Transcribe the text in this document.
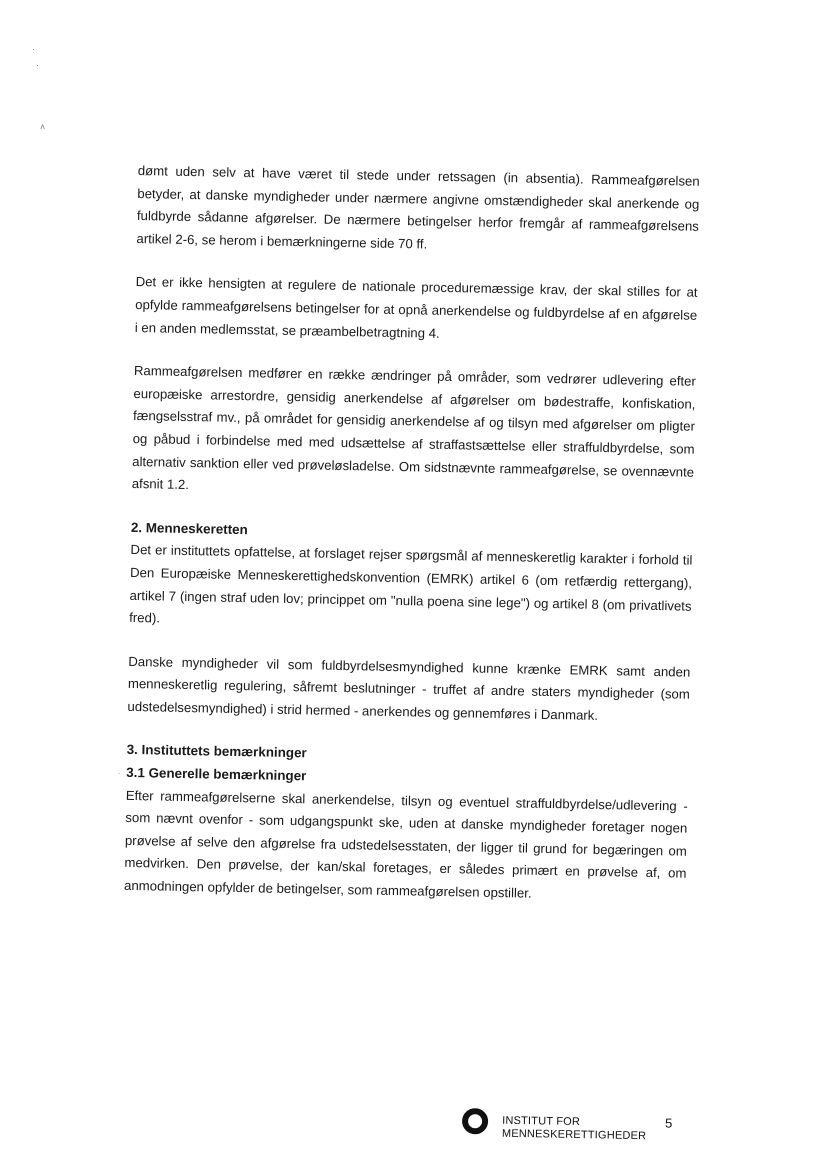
·
·
˄
˙

dømt uden selv at have været til stede under retssagen (in absentia). Rammeafgørelsen betyder, at danske myndigheder under nærmere angivne omstændigheder skal anerkende og fuldbyrde sådanne afgørelser. De nærmere betingelser herfor fremgår af rammeafgørelsens artikel 2-6, se herom i bemærkningerne side 70 ff.

Det er ikke hensigten at regulere de nationale proceduremæssige krav, der skal stilles for at opfylde rammeafgørelsens betingelser for at opnå anerkendelse og fuldbyrdelse af en afgørelse i en anden medlemsstat, se præambelbetragtning 4.

Rammeafgørelsen medfører en række ændringer på områder, som vedrører udlevering efter europæiske arrestordre, gensidig anerkendelse af afgørelser om bødestraffe, konfiskation, fængselsstraf mv., på området for gensidig anerkendelse af og tilsyn med afgørelser om pligter og påbud i forbindelse med med udsættelse af straffastsættelse eller straffuldbyrdelse, som alternativ sanktion eller ved prøveløsladelse. Om sidstnævnte rammeafgørelse, se ovennævnte afsnit 1.2.

2. Menneskeretten

Det er instituttets opfattelse, at forslaget rejser spørgsmål af menneskeretlig karakter i forhold til Den Europæiske Menneskerettighedskonvention (EMRK) artikel 6 (om retfærdig rettergang), artikel 7 (ingen straf uden lov; princippet om "nulla poena sine lege") og artikel 8 (om privatlivets fred).

Danske myndigheder vil som fuldbyrdelsesmyndighed kunne krænke EMRK samt anden menneskeretlig regulering, såfremt beslutninger - truffet af andre staters myndigheder (som udstedelsesmyndighed) i strid hermed - anerkendes og gennemføres i Danmark.

3. Instituttets bemærkninger

3.1 Generelle bemærkninger

Efter rammeafgørelserne skal anerkendelse, tilsyn og eventuel straffuldbyrdelse/udlevering - som nævnt ovenfor - som udgangspunkt ske, uden at danske myndigheder foretager nogen prøvelse af selve den afgørelse fra udstedelsesstaten, der ligger til grund for begæringen om medvirken. Den prøvelse, der kan/skal foretages, er således primært en prøvelse af, om anmodningen opfylder de betingelser, som rammeafgørelsen opstiller.

INSTITUT FOR
MENNESKERETTIGHEDER
5
